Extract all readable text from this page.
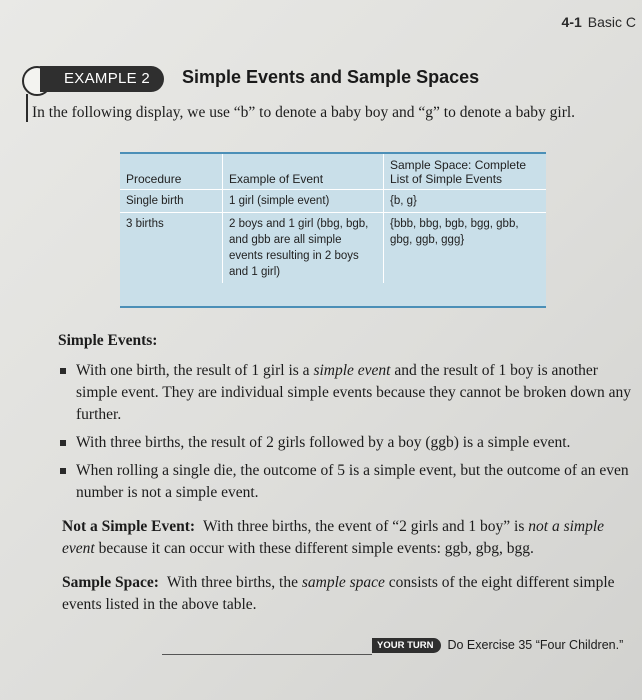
4-1 Basic C
EXAMPLE 2	Simple Events and Sample Spaces
In the following display, we use “b” to denote a baby boy and “g” to denote a baby girl.
Procedure	Example of Event	Sample Space: Complete List of Simple Events
Single birth	1 girl (simple event)	{b, g}
3 births	2 boys and 1 girl (bbg, bgb, and gbb are all simple events resulting in 2 boys and 1 girl)	{bbb, bbg, bgb, bgg, gbb, gbg, ggb, ggg}
Simple Events:
With one birth, the result of 1 girl is a simple event and the result of 1 boy is another simple event. They are individual simple events because they cannot be broken down any further.
With three births, the result of 2 girls followed by a boy (ggb) is a simple event.
When rolling a single die, the outcome of 5 is a simple event, but the outcome of an even number is not a simple event.
Not a Simple Event: With three births, the event of “2 girls and 1 boy” is not a simple event because it can occur with these different simple events: ggb, gbg, bgg.
Sample Space: With three births, the sample space consists of the eight different simple events listed in the above table.
YOUR TURN Do Exercise 35 “Four Children.”
